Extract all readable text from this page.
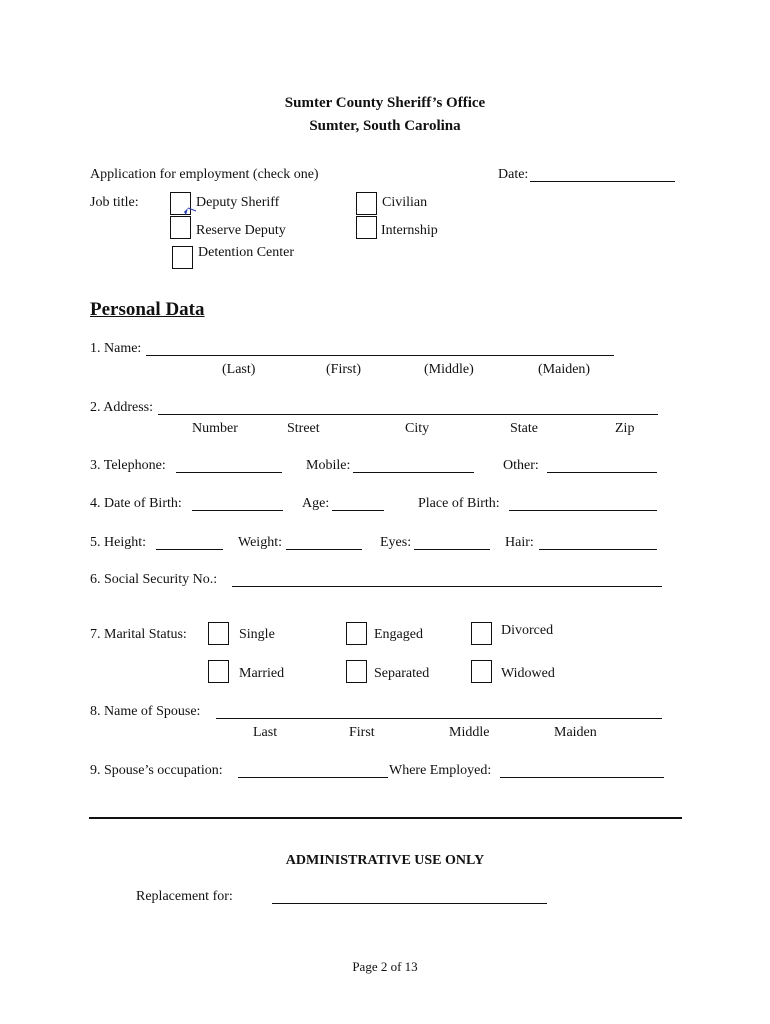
Sumter County Sheriff’s Office
Sumter, South Carolina
Application for employment (check one)	Date:
Job title:	Deputy Sheriff
Reserve Deputy
Detention Center
Civilian
Internship
Personal Data
1. Name:
(Last)	(First)	(Middle)	(Maiden)
2. Address:
Number	Street	City	State	Zip
3. Telephone:	Mobile:	Other:
4. Date of Birth:	Age:	Place of Birth:
5. Height:	Weight:	Eyes:	Hair:
6. Social Security No.:
7. Marital Status:	Single	Engaged	Divorced
Married	Separated	Widowed
8. Name of Spouse:
Last	First	Middle	Maiden
9. Spouse’s occupation:	Where Employed:
ADMINISTRATIVE USE ONLY
Replacement for:
Page 2 of 13
